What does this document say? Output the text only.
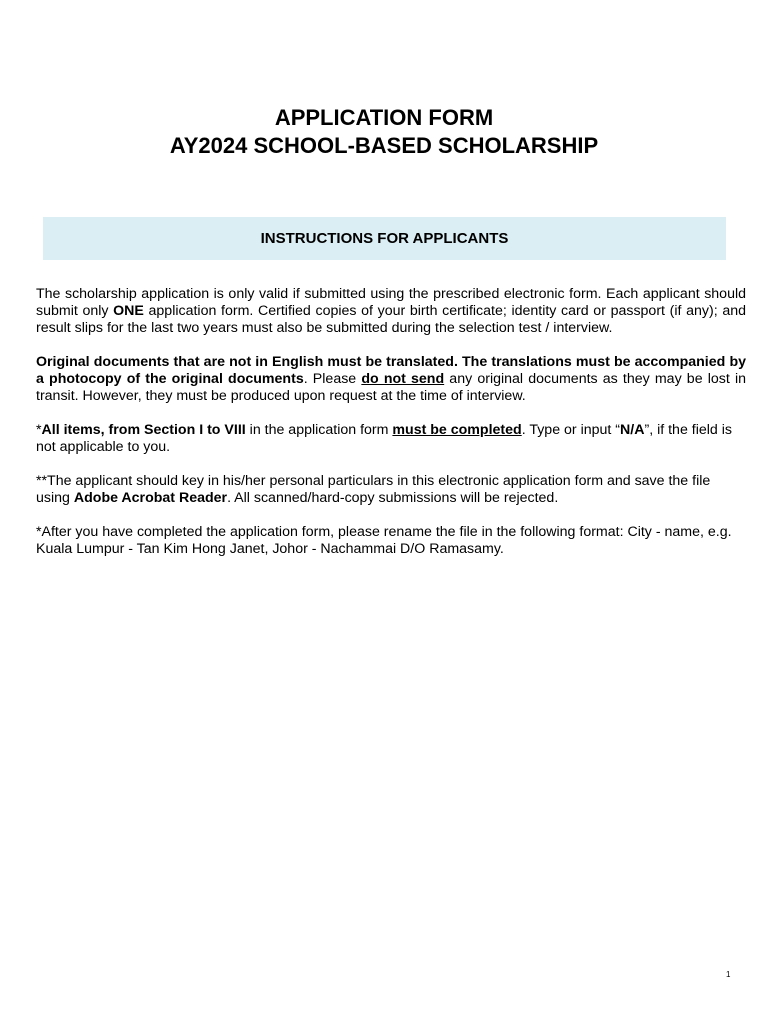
APPLICATION FORM
AY2024 SCHOOL-BASED SCHOLARSHIP
INSTRUCTIONS FOR APPLICANTS

The scholarship application is only valid if submitted using the prescribed electronic form. Each applicant should submit only ONE application form. Certified copies of your birth certificate; identity card or passport (if any); and result slips for the last two years must also be submitted during the selection test / interview.

Original documents that are not in English must be translated. The translations must be accompanied by a photocopy of the original documents. Please do not send any original documents as they may be lost in transit. However, they must be produced upon request at the time of interview.

*All items, from Section I to VIII in the application form must be completed. Type or input “N/A”, if the field is not applicable to you.

**The applicant should key in his/her personal particulars in this electronic application form and save the file using Adobe Acrobat Reader. All scanned/hard-copy submissions will be rejected.

*After you have completed the application form, please rename the file in the following format: City - name, e.g. Kuala Lumpur - Tan Kim Hong Janet, Johor - Nachammai D/O Ramasamy.

1
